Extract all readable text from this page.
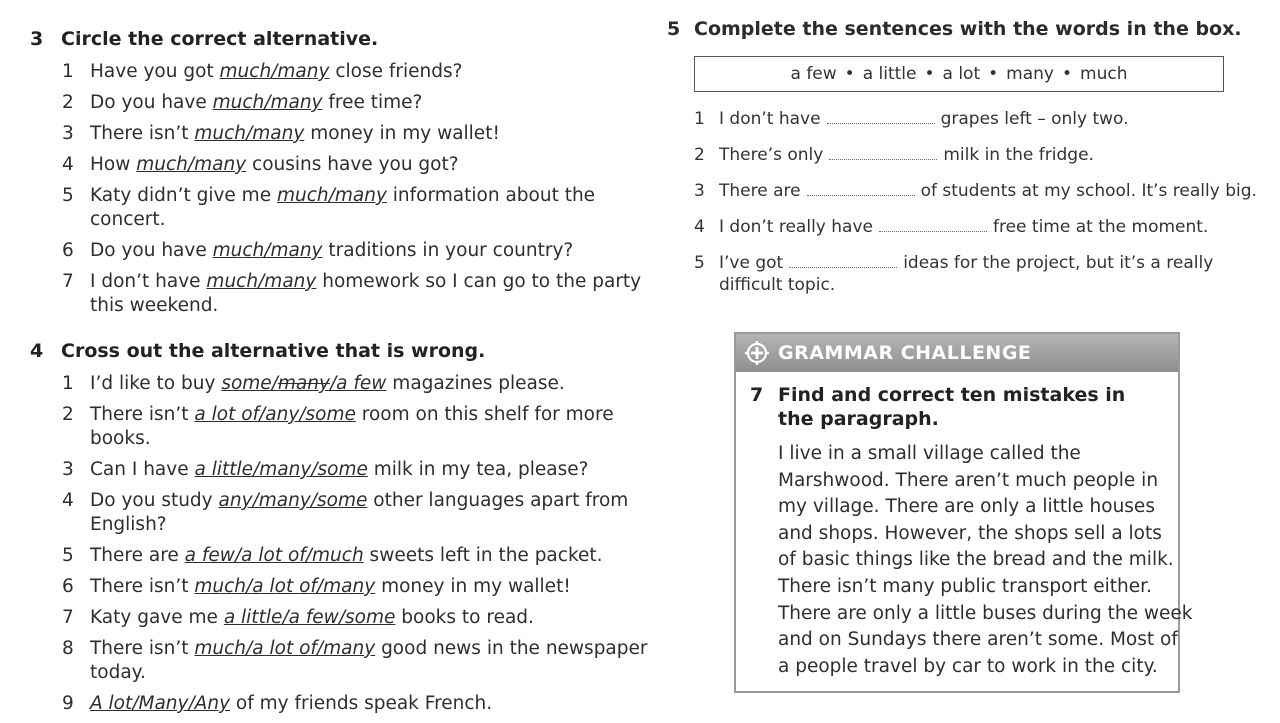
3 Circle the correct alternative.
1 Have you got much/many close friends?
2 Do you have much/many free time?
3 There isn’t much/many money in my wallet!
4 How much/many cousins have you got?
5 Katy didn’t give me much/many information about the concert.
6 Do you have much/many traditions in your country?
7 I don’t have much/many homework so I can go to the party this weekend.
4 Cross out the alternative that is wrong.
1 I’d like to buy some/many/a few magazines please.
2 There isn’t a lot of/any/some room on this shelf for more books.
3 Can I have a little/many/some milk in my tea, please?
4 Do you study any/many/some other languages apart from English?
5 There are a few/a lot of/much sweets left in the packet.
6 There isn’t much/a lot of/many money in my wallet!
7 Katy gave me a little/a few/some books to read.
8 There isn’t much/a lot of/many good news in the newspaper today.
9 A lot/Many/Any of my friends speak French.
5 Complete the sentences with the words in the box.
a few • a little • a lot • many • much
1 I don’t have	grapes left – only two.
2 There’s only	milk in the fridge.
3 There are	of students at my school. It’s really big.
4 I don’t really have	free time at the moment.
5 I’ve got	ideas for the project, but it’s a really difficult topic.
GRAMMAR CHALLENGE
7 Find and correct ten mistakes in the paragraph.
I live in a small village called the
Marshwood. There aren’t much people in
my village. There are only a little houses
and shops. However, the shops sell a lots
of basic things like the bread and the milk.
There isn’t many public transport either.
There are only a little buses during the week
and on Sundays there aren’t some. Most of
a people travel by car to work in the city.
